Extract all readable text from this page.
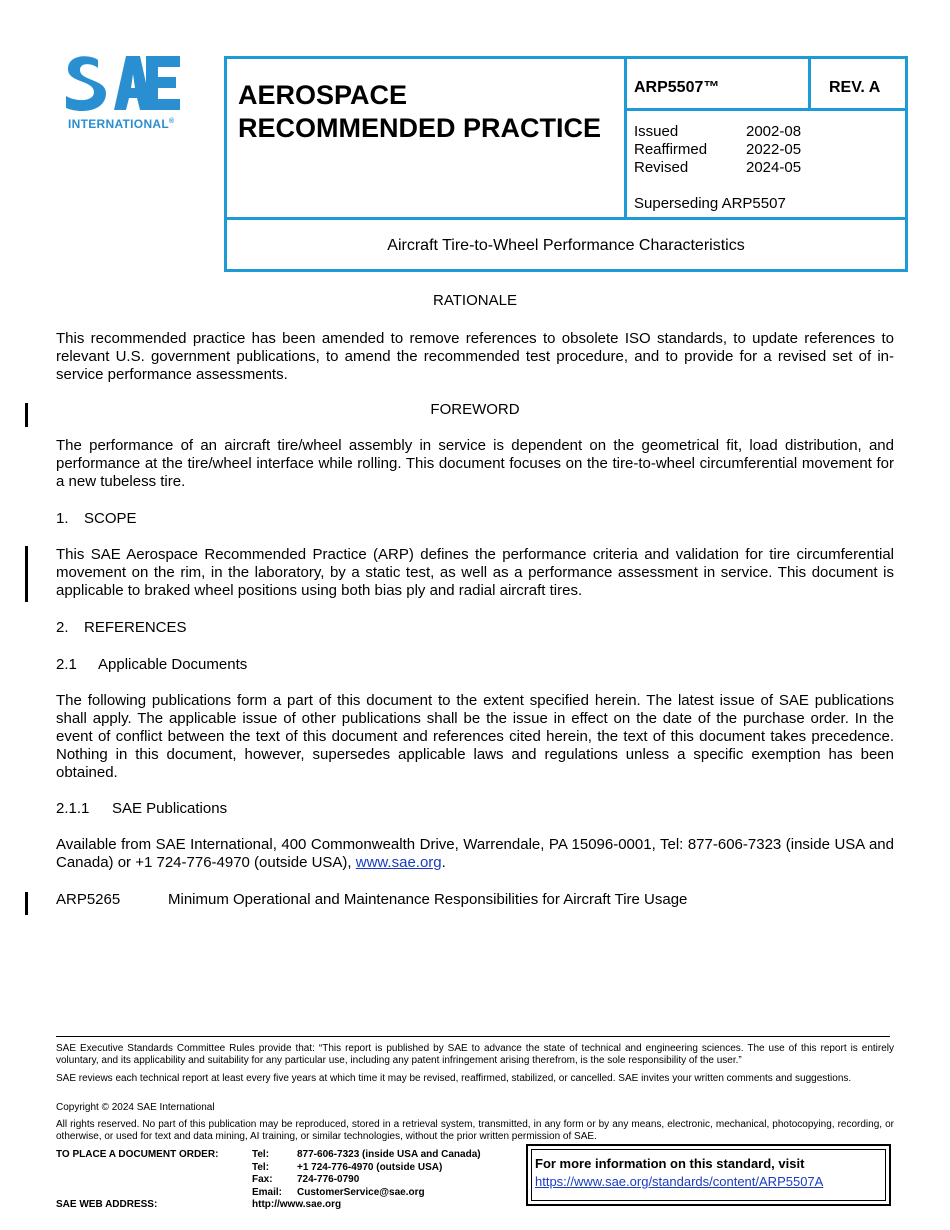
INTERNATIONAL®
AEROSPACE
RECOMMENDED PRACTICE
ARP5507™	REV. A
Issued	2002-08
Reaffirmed	2022-05
Revised	2024-05
Superseding ARP5507
Aircraft Tire-to-Wheel Performance Characteristics
RATIONALE
This recommended practice has been amended to remove references to obsolete ISO standards, to update references to relevant U.S. government publications, to amend the recommended test procedure, and to provide for a revised set of in-service performance assessments.
FOREWORD
The performance of an aircraft tire/wheel assembly in service is dependent on the geometrical fit, load distribution, and performance at the tire/wheel interface while rolling. This document focuses on the tire-to-wheel circumferential movement for a new tubeless tire.
1. SCOPE
This SAE Aerospace Recommended Practice (ARP) defines the performance criteria and validation for tire circumferential movement on the rim, in the laboratory, by a static test, as well as a performance assessment in service. This document is applicable to braked wheel positions using both bias ply and radial aircraft tires.
2. REFERENCES
2.1 Applicable Documents
The following publications form a part of this document to the extent specified herein. The latest issue of SAE publications shall apply. The applicable issue of other publications shall be the issue in effect on the date of the purchase order. In the event of conflict between the text of this document and references cited herein, the text of this document takes precedence. Nothing in this document, however, supersedes applicable laws and regulations unless a specific exemption has been obtained.
2.1.1 SAE Publications
Available from SAE International, 400 Commonwealth Drive, Warrendale, PA 15096-0001, Tel: 877-606-7323 (inside USA and Canada) or +1 724-776-4970 (outside USA), www.sae.org.
ARP5265	Minimum Operational and Maintenance Responsibilities for Aircraft Tire Usage
SAE Executive Standards Committee Rules provide that: “This report is published by SAE to advance the state of technical and engineering sciences. The use of this report is entirely voluntary, and its applicability and suitability for any particular use, including any patent infringement arising therefrom, is the sole responsibility of the user.”
SAE reviews each technical report at least every five years at which time it may be revised, reaffirmed, stabilized, or cancelled. SAE invites your written comments and suggestions.
Copyright © 2024 SAE International
All rights reserved. No part of this publication may be reproduced, stored in a retrieval system, transmitted, in any form or by any means, electronic, mechanical, photocopying, recording, or otherwise, or used for text and data mining, AI training, or similar technologies, without the prior written permission of SAE.
TO PLACE A DOCUMENT ORDER:
SAE WEB ADDRESS:
Tel:	877-606-7323 (inside USA and Canada)
Tel:	+1 724-776-4970 (outside USA)
Fax:	724-776-0790
Email:	CustomerService@sae.org
http://www.sae.org
For more information on this standard, visit
https://www.sae.org/standards/content/ARP5507A
